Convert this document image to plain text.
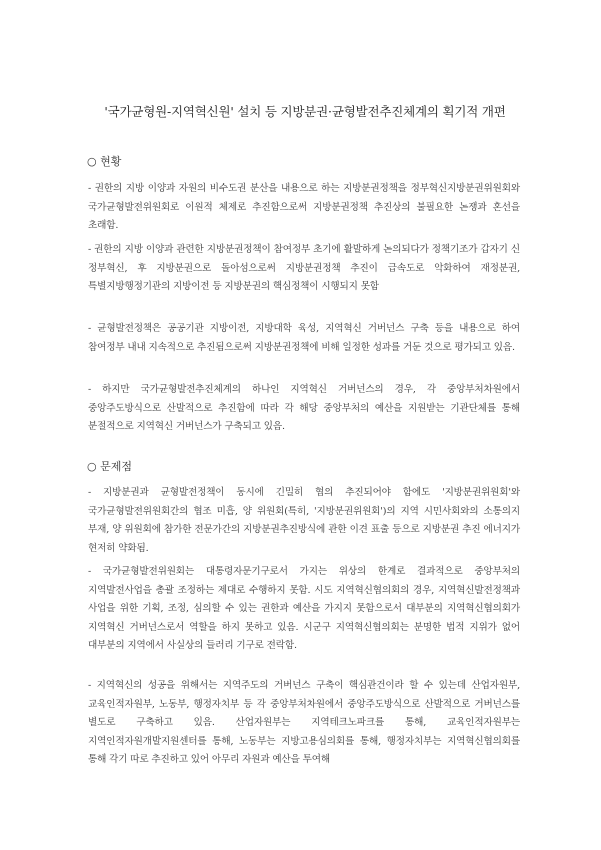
'국가균형원-지역혁신원' 설치 등 지방분권·균형발전추진체계의 획기적 개편
○ 현황
- 권한의 지방 이양과 자원의 비수도권 분산을 내용으로 하는 지방분권정책을 정부혁신지방분권위원회와 국가균형발전위원회로 이원적 체제로 추진함으로써 지방분권정책 추진상의 불필요한 논쟁과 혼선을 초래함.
- 권한의 지방 이양과 관련한 지방분권정책이 참여정부 초기에 활발하게 논의되다가 정책기조가 갑자기 신 정부혁신, 후 지방분권으로 돌아섬으로써 지방분권정책 추진이 급속도로 악화하여 재정분권, 특별지방행정기관의 지방이전 등 지방분권의 핵심정책이 시행되지 못함
- 균형발전정책은 공공기관 지방이전, 지방대학 육성, 지역혁신 거버넌스 구축 등을 내용으로 하여 참여정부 내내 지속적으로 추진됨으로써 지방분권정책에 비해 일정한 성과를 거둔 것으로 평가되고 있음.
- 하지만 국가균형발전추진체계의 하나인 지역혁신 거버넌스의 경우, 각 중앙부처차원에서 중앙주도방식으로 산발적으로 추진함에 따라 각 해당 중앙부처의 예산을 지원받는 기관단체를 통해 분절적으로 지역혁신 거버넌스가 구축되고 있음.
○ 문제점
- 지방분권과 균형발전정책이 동시에 긴밀히 협의 추진되어야 함에도 '지방분권위원회'와 국가균형발전위원회간의 협조 미흡, 양 위원회(특히, '지방분권위원회')의 지역 시민사회와의 소통의지 부재, 양 위원회에 참가한 전문가간의 지방분권추진방식에 관한 이견 표출 등으로 지방분권 추진 에너지가 현저히 약화됨.
- 국가균형발전위원회는 대통령자문기구로서 가지는 위상의 한계로 결과적으로 중앙부처의 지역발전사업을 총괄 조정하는 제대로 수행하지 못함. 시도 지역혁신협의회의 경우, 지역혁신발전정책과 사업을 위한 기획, 조정, 심의할 수 있는 권한과 예산을 가지지 못함으로서 대부분의 지역혁신협의회가 지역혁신 거버넌스로서 역할을 하지 못하고 있음. 시군구 지역혁신협의회는 분명한 법적 지위가 없어 대부분의 지역에서 사실상의 들러리 기구로 전락함.
- 지역혁신의 성공을 위해서는 지역주도의 거버넌스 구축이 핵심관건이라 할 수 있는데 산업자원부, 교육인적자원부, 노동부, 행정자치부 등 각 중앙부처차원에서 중앙주도방식으로 산발적으로 거버넌스를 별도로 구축하고 있음. 산업자원부는 지역테크노파크를 통해, 교육인적자원부는 지역인적자원개발지원센터를 통해, 노동부는 지방고용심의회를 통해, 행정자치부는 지역혁신협의회를 통해 각기 따로 추진하고 있어 아무리 자원과 예산을 투여해
